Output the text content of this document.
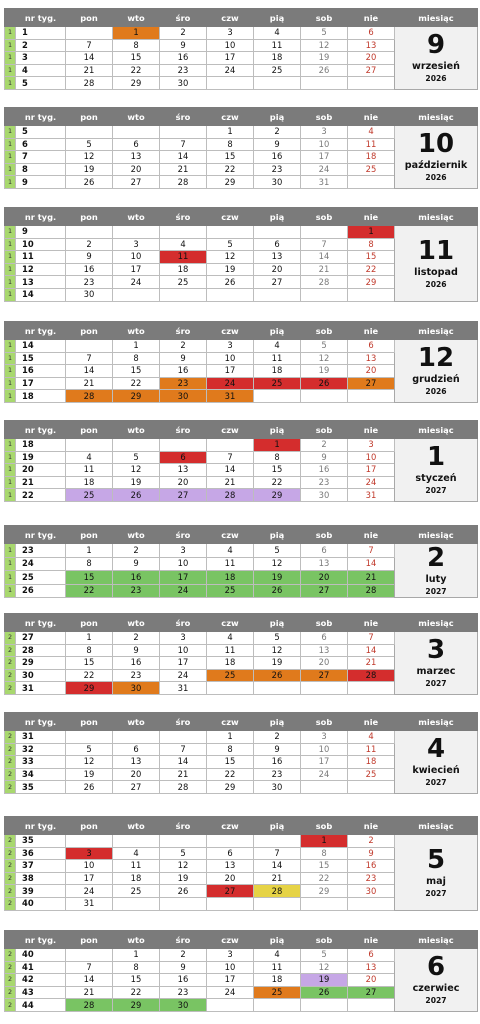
	nr tyg.	pon	wto	śro	czw	pią	sob	nie	miesiąc
1	1		1	2	3	4	5	6	9
wrzesień
2026

1	2	7	8	9	10	11	12	13	
1	3	14	15	16	17	18	19	20	
1	4	21	22	23	24	25	26	27	
1	5	28	29	30					
	nr tyg.	pon	wto	śro	czw	pią	sob	nie	miesiąc
1	5				1	2	3	4	10
październik
2026

1	6	5	6	7	8	9	10	11	
1	7	12	13	14	15	16	17	18	
1	8	19	20	21	22	23	24	25	
1	9	26	27	28	29	30	31		
	nr tyg.	pon	wto	śro	czw	pią	sob	nie	miesiąc
1	9							1	11
listopad
2026

1	10	2	3	4	5	6	7	8	
1	11	9	10	11	12	13	14	15	
1	12	16	17	18	19	20	21	22	
1	13	23	24	25	26	27	28	29	
1	14	30							
	nr tyg.	pon	wto	śro	czw	pią	sob	nie	miesiąc
1	14		1	2	3	4	5	6	12
grudzień
2026

1	15	7	8	9	10	11	12	13	
1	16	14	15	16	17	18	19	20	
1	17	21	22	23	24	25	26	27	
1	18	28	29	30	31				
	nr tyg.	pon	wto	śro	czw	pią	sob	nie	miesiąc
1	18					1	2	3	1
styczeń
2027

1	19	4	5	6	7	8	9	10	
1	20	11	12	13	14	15	16	17	
1	21	18	19	20	21	22	23	24	
1	22	25	26	27	28	29	30	31	
	nr tyg.	pon	wto	śro	czw	pią	sob	nie	miesiąc
1	23	1	2	3	4	5	6	7	2
luty
2027

1	24	8	9	10	11	12	13	14	
1	25	15	16	17	18	19	20	21	
1	26	22	23	24	25	26	27	28	
	nr tyg.	pon	wto	śro	czw	pią	sob	nie	miesiąc
2	27	1	2	3	4	5	6	7	3
marzec
2027

2	28	8	9	10	11	12	13	14	
2	29	15	16	17	18	19	20	21	
2	30	22	23	24	25	26	27	28	
2	31	29	30	31					
	nr tyg.	pon	wto	śro	czw	pią	sob	nie	miesiąc
2	31				1	2	3	4	4
kwiecień
2027

2	32	5	6	7	8	9	10	11	
2	33	12	13	14	15	16	17	18	
2	34	19	20	21	22	23	24	25	
2	35	26	27	28	29	30			
	nr tyg.	pon	wto	śro	czw	pią	sob	nie	miesiąc
2	35						1	2	5
maj
2027

2	36	3	4	5	6	7	8	9	
2	37	10	11	12	13	14	15	16	
2	38	17	18	19	20	21	22	23	
2	39	24	25	26	27	28	29	30	
2	40	31							
	nr tyg.	pon	wto	śro	czw	pią	sob	nie	miesiąc
2	40		1	2	3	4	5	6	6
czerwiec
2027

2	41	7	8	9	10	11	12	13	
2	42	14	15	16	17	18	19	20	
2	43	21	22	23	24	25	26	27	
2	44	28	29	30					
